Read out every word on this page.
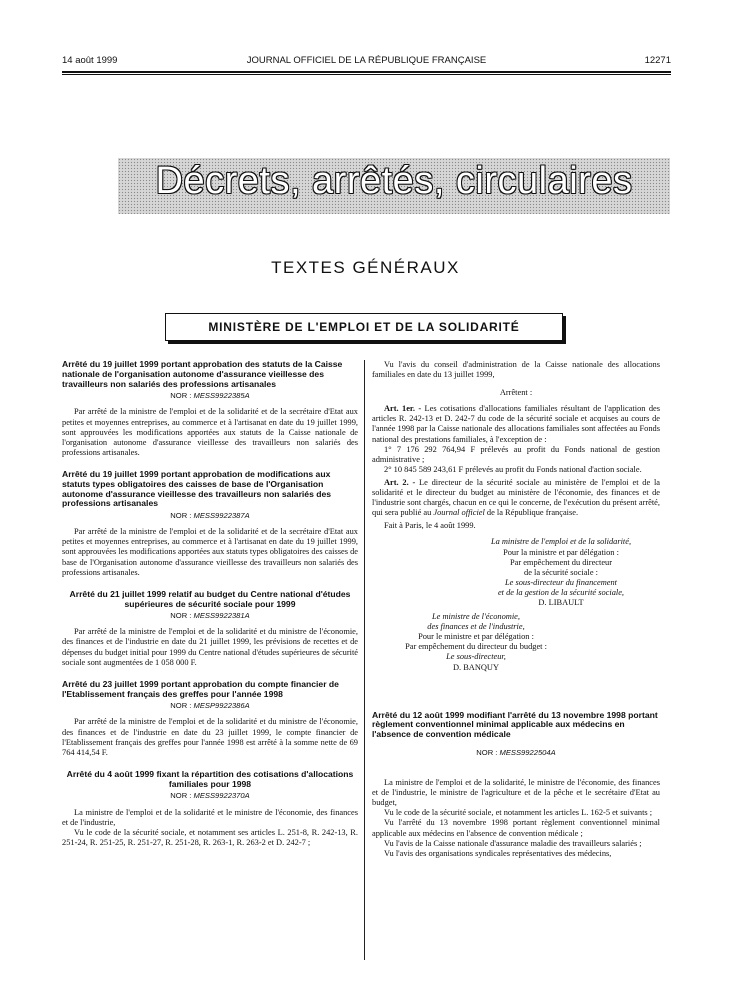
14 août 1999	JOURNAL OFFICIEL DE LA RÉPUBLIQUE FRANÇAISE	12271
Décrets, arrêtés, circulaires
TEXTES GÉNÉRAUX
MINISTÈRE DE L'EMPLOI ET DE LA SOLIDARITÉ

Arrêté du 19 juillet 1999 portant approbation des statuts de la Caisse nationale de l'organisation autonome d'assurance vieillesse des travailleurs non salariés des professions artisanales

NOR : MESS9922385A

Par arrêté de la ministre de l'emploi et de la solidarité et de la secrétaire d'Etat aux petites et moyennes entreprises, au commerce et à l'artisanat en date du 19 juillet 1999, sont approuvées les modifications apportées aux statuts de la Caisse nationale de l'organisation autonome d'assurance vieillesse des travailleurs non salariés des professions artisanales.

Arrêté du 19 juillet 1999 portant approbation de modifications aux statuts types obligatoires des caisses de base de l'Organisation autonome d'assurance vieillesse des travailleurs non salariés des professions artisanales

NOR : MESS9922387A

Par arrêté de la ministre de l'emploi et de la solidarité et de la secrétaire d'Etat aux petites et moyennes entreprises, au commerce et à l'artisanat en date du 19 juillet 1999, sont approuvées les modifications apportées aux statuts types obligatoires des caisses de base de l'Organisation autonome d'assurance vieillesse des travailleurs non salariés des professions artisanales.

Arrêté du 21 juillet 1999 relatif au budget du Centre national d'études supérieures de sécurité sociale pour 1999

NOR : MESS9922381A

Par arrêté de la ministre de l'emploi et de la solidarité et du ministre de l'économie, des finances et de l'industrie en date du 21 juillet 1999, les prévisions de recettes et de dépenses du budget initial pour 1999 du Centre national d'études supérieures de sécurité sociale sont augmentées de 1 058 000 F.

Arrêté du 23 juillet 1999 portant approbation du compte financier de l'Etablissement français des greffes pour l'année 1998

NOR : MESP9922386A

Par arrêté de la ministre de l'emploi et de la solidarité et du ministre de l'économie, des finances et de l'industrie en date du 23 juillet 1999, le compte financier de l'Etablissement français des greffes pour l'année 1998 est arrêté à la somme nette de 69 764 414,54 F.

Arrêté du 4 août 1999 fixant la répartition des cotisations d'allocations familiales pour 1998

NOR : MESS9922370A

La ministre de l'emploi et de la solidarité et le ministre de l'économie, des finances et de l'industrie,

Vu le code de la sécurité sociale, et notamment ses articles L. 251-8, R. 242-13, R. 251-24, R. 251-25, R. 251-27, R. 251-28, R. 263-1, R. 263-2 et D. 242-7 ;

Vu l'avis du conseil d'administration de la Caisse nationale des allocations familiales en date du 13 juillet 1999,

Arrêtent :

Art. 1er. - Les cotisations d'allocations familiales résultant de l'application des articles R. 242-13 et D. 242-7 du code de la sécurité sociale et acquises au cours de l'année 1998 par la Caisse nationale des allocations familiales sont affectées au Fonds national des prestations familiales, à l'exception de :

1° 7 176 292 764,94 F prélevés au profit du Fonds national de gestion administrative ;

2° 10 845 589 243,61 F prélevés au profit du Fonds national d'action sociale.

Art. 2. - Le directeur de la sécurité sociale au ministère de l'emploi et de la solidarité et le directeur du budget au ministère de l'économie, des finances et de l'industrie sont chargés, chacun en ce qui le concerne, de l'exécution du présent arrêté, qui sera publié au Journal officiel de la République française.

Fait à Paris, le 4 août 1999.

La ministre de l'emploi et de la solidarité,
Pour la ministre et par délégation :
Par empêchement du directeur
de la sécurité sociale :
Le sous-directeur du financement
et de la gestion de la sécurité sociale,
D. LIBAULT
Le ministre de l'économie,
des finances et de l'industrie,
Pour le ministre et par délégation :
Par empêchement du directeur du budget :
Le sous-directeur,
D. BANQUY

Arrêté du 12 août 1999 modifiant l'arrêté du 13 novembre 1998 portant règlement conventionnel minimal applicable aux médecins en l'absence de convention médicale

NOR : MESS9922504A

La ministre de l'emploi et de la solidarité, le ministre de l'économie, des finances et de l'industrie, le ministre de l'agriculture et de la pêche et le secrétaire d'Etat au budget,

Vu le code de la sécurité sociale, et notamment les articles L. 162-5 et suivants ;

Vu l'arrêté du 13 novembre 1998 portant règlement conventionnel minimal applicable aux médecins en l'absence de convention médicale ;

Vu l'avis de la Caisse nationale d'assurance maladie des travailleurs salariés ;

Vu l'avis des organisations syndicales représentatives des médecins,
